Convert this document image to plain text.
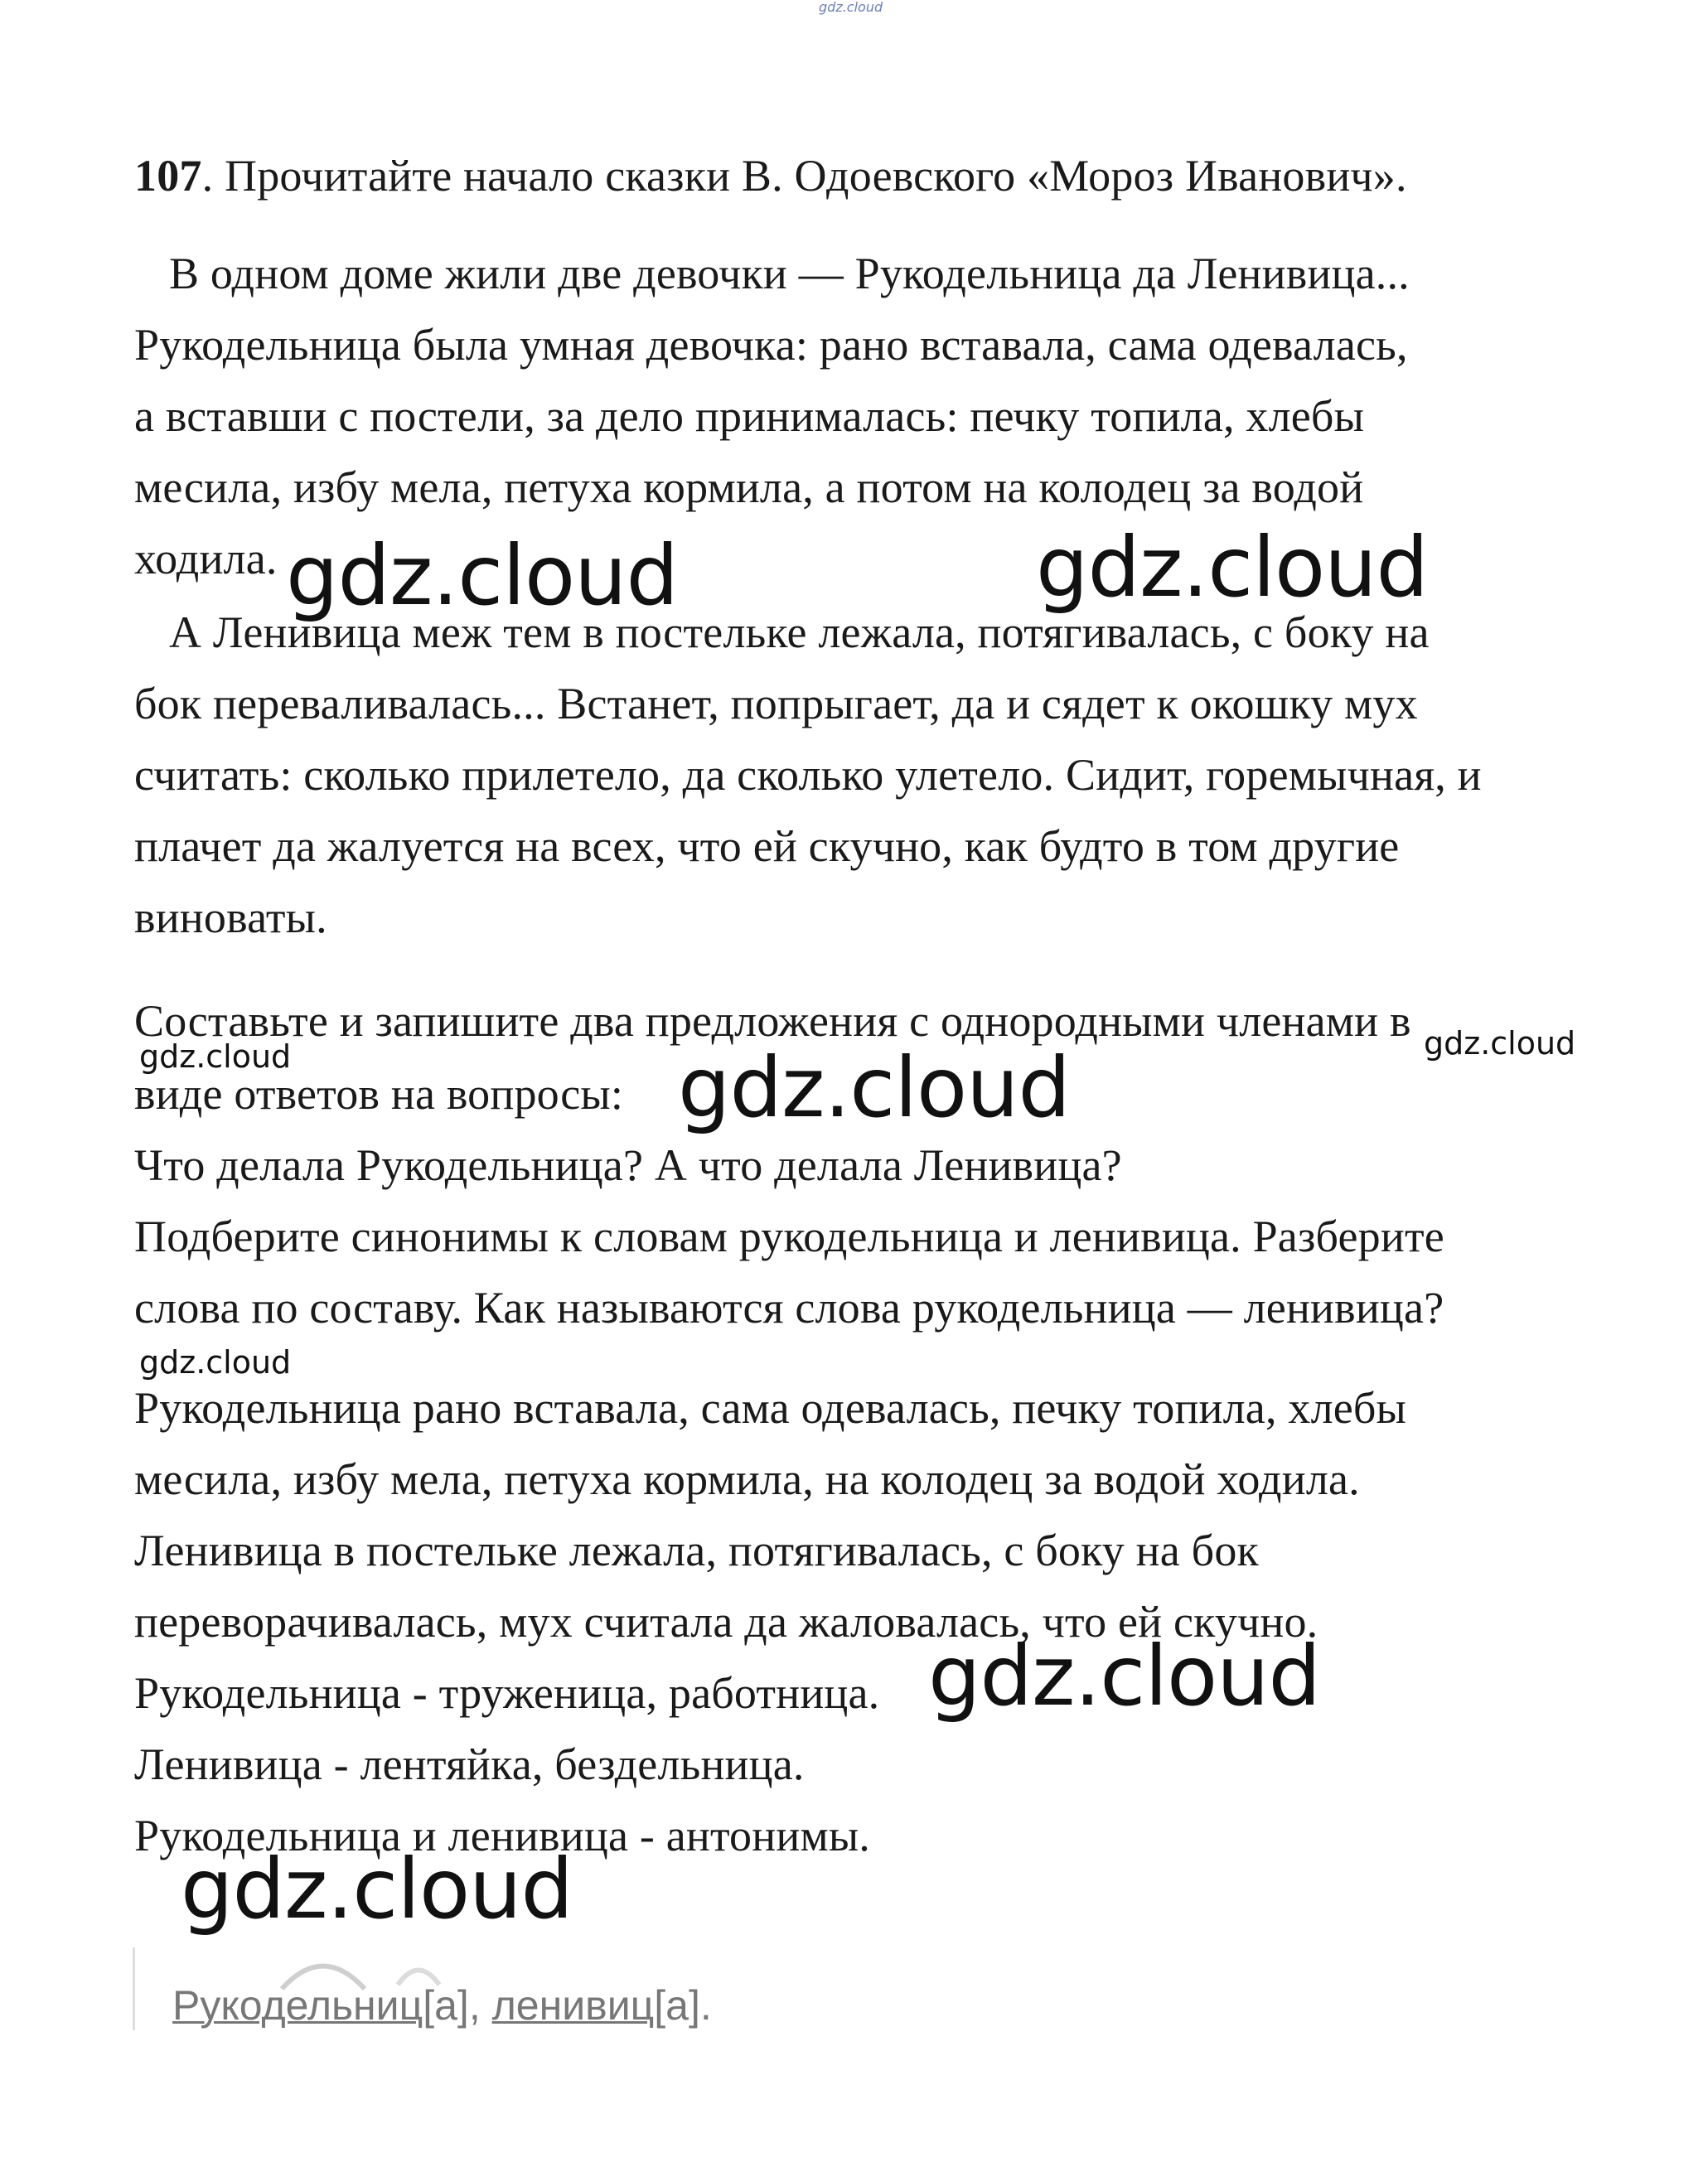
gdz.cloud
107. Прочитайте начало сказки В. Одоевского «Мороз Иванович».
В одном доме жили две девочки — Рукодельница да Ленивица...
Рукодельница была умная девочка: рано вставала, сама одевалась,
а вставши с постели, за дело принималась: печку топила, хлебы
месила, избу мела, петуха кормила, а потом на колодец за водой
ходила.
А Ленивица меж тем в постельке лежала, потягивалась, с боку на
бок переваливалась... Встанет, попрыгает, да и сядет к окошку мух
считать: сколько прилетело, да сколько улетело. Сидит, горемычная, и
плачет да жалуется на всех, что ей скучно, как будто в том другие
виноваты.
Составьте и запишите два предложения с однородными членами в
виде ответов на вопросы:
Что делала Рукодельница? А что делала Ленивица?
Подберите синонимы к словам рукодельница и ленивица. Разберите
слова по составу. Как называются слова рукодельница — ленивица?
Рукодельница рано вставала, сама одевалась, печку топила, хлебы
месила, избу мела, петуха кормила, на колодец за водой ходила.
Ленивица в постельке лежала, потягивалась, с боку на бок
переворачивалась, мух считала да жаловалась, что ей скучно.
Рукодельница - труженица, работница.
Ленивица - лентяйка, бездельница.
Рукодельница и ленивица - антонимы.
Рукодельниц[а], ленивиц[а].
gdz.cloud	gdz.cloud
gdz.cloud	gdz.cloud
gdz.cloud
gdz.cloud
gdz.cloud
gdz.cloud
